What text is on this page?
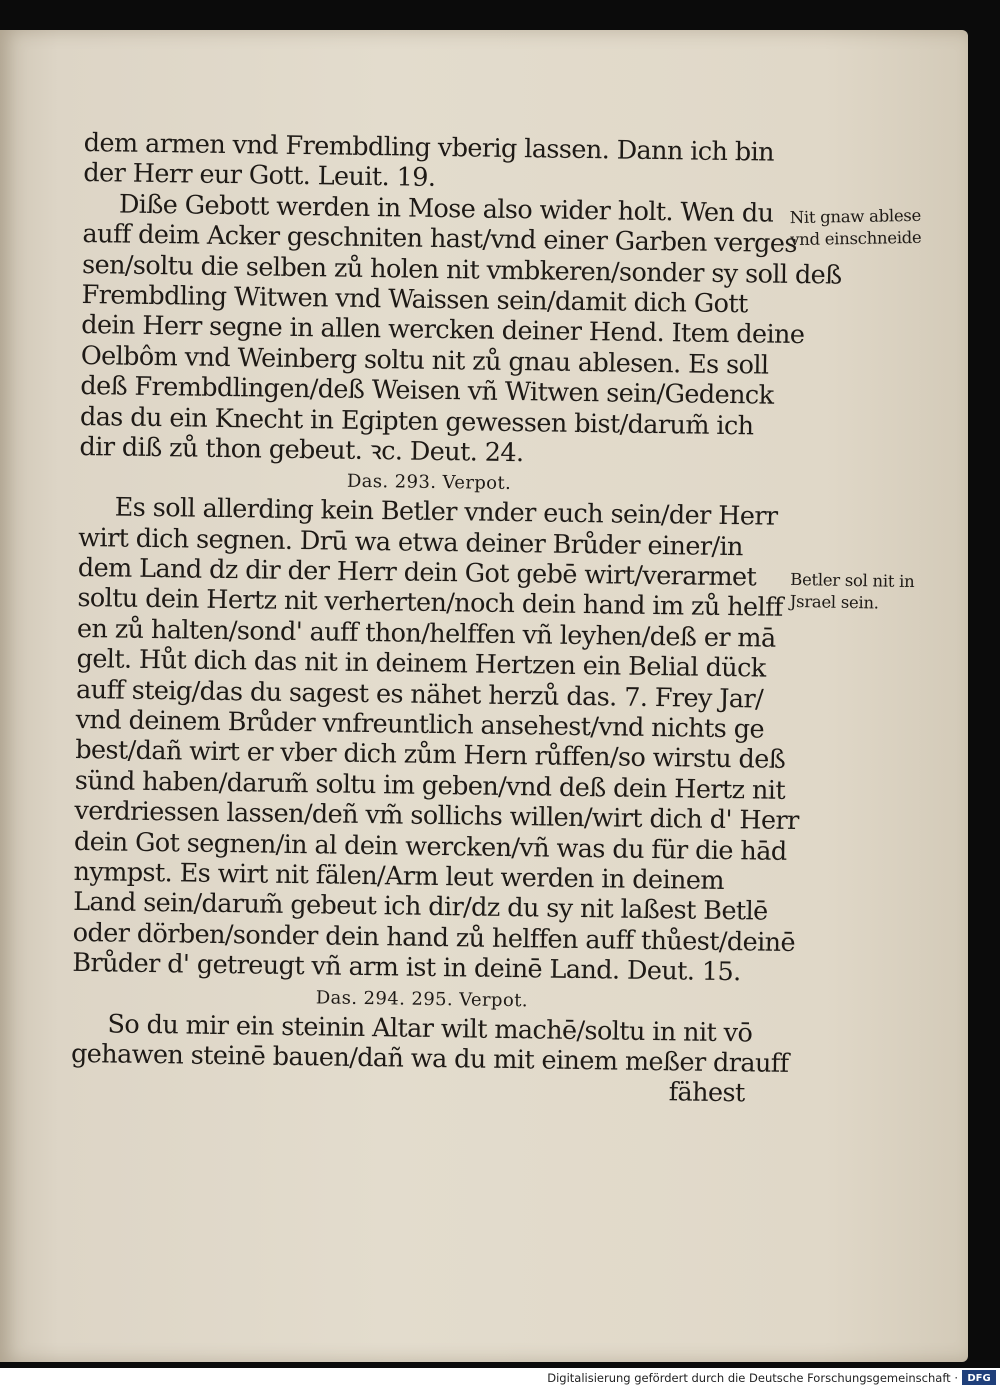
dem armen vnd Frembdling vberig lassen. Dann ich bin
der Herr eur Gott. Leuit. 19.
Diße Gebott werden in Mose also wider holt. Wen du
auff deim Acker geschniten hast/vnd einer Garben verges
sen/soltu die selben zů holen nit vmbkeren/sonder sy soll deß
Frembdling Witwen vnd Waissen sein/damit dich Gott
dein Herr segne in allen wercken deiner Hend. Item deine
Oelbôm vnd Weinberg soltu nit zů gnau ablesen. Es soll
deß Frembdlingen/deß Weisen vñ Witwen sein/Gedenck
das du ein Knecht in Egipten gewessen bist/darum̃ ich
dir diß zů thon gebeut. ꝛc. Deut. 24.
Das. 293. Verpot.
Es soll allerding kein Betler vnder euch sein/der Herr
wirt dich segnen. Drū wa etwa deiner Brůder einer/in
dem Land dz dir der Herr dein Got gebē wirt/verarmet
soltu dein Hertz nit verherten/noch dein hand im zů helff
en zů halten/sond' auff thon/helffen vñ leyhen/deß er mā
gelt. Hůt dich das nit in deinem Hertzen ein Belial dück
auff steig/das du sagest es nähet herzů das. 7. Frey Jar/
vnd deinem Brůder vnfreuntlich ansehest/vnd nichts ge
best/dañ wirt er vber dich zům Hern růffen/so wirstu deß
sünd haben/darum̃ soltu im geben/vnd deß dein Hertz nit
verdriessen lassen/deñ vm̃ sollichs willen/wirt dich d' Herr
dein Got segnen/in al dein wercken/vñ was du für die hād
nympst. Es wirt nit fälen/Arm leut werden in deinem
Land sein/darum̃ gebeut ich dir/dz du sy nit laßest Betlē
oder dörben/sonder dein hand zů helffen auff thůest/deinē
Brůder d' getreugt vñ arm ist in deinē Land. Deut. 15.
Das. 294. 295. Verpot.
So du mir ein steinin Altar wilt machē/soltu in nit vō
gehawen steinē bauen/dañ wa du mit einem meßer drauff
fähest
Nit gnaw ablese
vnd einschneide
Betler sol nit in
Jsrael sein.
Digitalisierung gefördert durch die Deutsche Forschungsgemeinschaft · DFG
